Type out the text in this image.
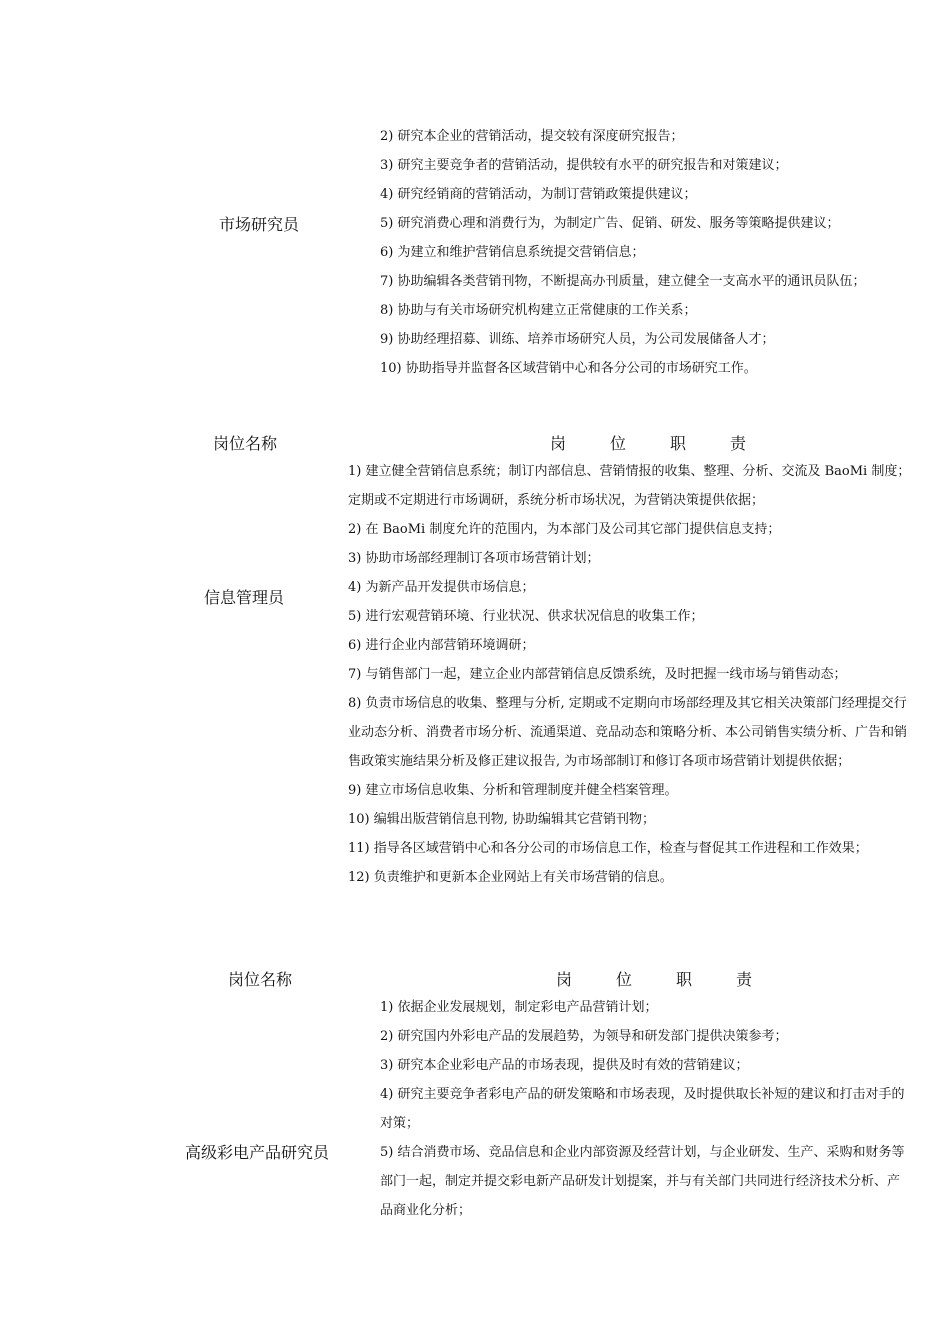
市场研究员
2) 研究本企业的营销活动，提交较有深度研究报告；
3) 研究主要竞争者的营销活动，提供较有水平的研究报告和对策建议；
4) 研究经销商的营销活动，为制订营销政策提供建议；
5) 研究消费心理和消费行为，为制定广告、促销、研发、服务等策略提供建议；
6) 为建立和维护营销信息系统提交营销信息；
7) 协助编辑各类营销刊物，不断提高办刊质量，建立健全一支高水平的通讯员队伍；
8) 协助与有关市场研究机构建立正常健康的工作关系；
9) 协助经理招募、训练、培养市场研究人员，为公司发展储备人才；
10) 协助指导并监督各区域营销中心和各分公司的市场研究工作。
岗位名称	岗	位	职	责
信息管理员
1) 建立健全营销信息系统；制订内部信息、营销情报的收集、整理、分析、交流及 BaoMi 制度；定期或不定期进行市场调研，系统分析市场状况，为营销决策提供依据；
2) 在 BaoMi 制度允许的范围内，为本部门及公司其它部门提供信息支持；
3) 协助市场部经理制订各项市场营销计划；
4) 为新产品开发提供市场信息；
5) 进行宏观营销环境、行业状况、供求状况信息的收集工作；
6) 进行企业内部营销环境调研；
7) 与销售部门一起，建立企业内部营销信息反馈系统，及时把握一线市场与销售动态；
8) 负责市场信息的收集、整理与分析, 定期或不定期向市场部经理及其它相关决策部门经理提交行业动态分析、消费者市场分析、流通渠道、竞品动态和策略分析、本公司销售实绩分析、广告和销售政策实施结果分析及修正建议报告, 为市场部制订和修订各项市场营销计划提供依据；
9) 建立市场信息收集、分析和管理制度并健全档案管理。
10) 编辑出版营销信息刊物, 协助编辑其它营销刊物；
11) 指导各区域营销中心和各分公司的市场信息工作，检查与督促其工作进程和工作效果；
12) 负责维护和更新本企业网站上有关市场营销的信息。
岗位名称	岗	位	职	责
高级彩电产品研究员
1) 依据企业发展规划，制定彩电产品营销计划；
2) 研究国内外彩电产品的发展趋势，为领导和研发部门提供决策参考；
3) 研究本企业彩电产品的市场表现，提供及时有效的营销建议；
4) 研究主要竞争者彩电产品的研发策略和市场表现，及时提供取长补短的建议和打击对手的对策；
5) 结合消费市场、竞品信息和企业内部资源及经营计划，与企业研发、生产、采购和财务等部门一起，制定并提交彩电新产品研发计划提案，并与有关部门共同进行经济技术分析、产品商业化分析；
